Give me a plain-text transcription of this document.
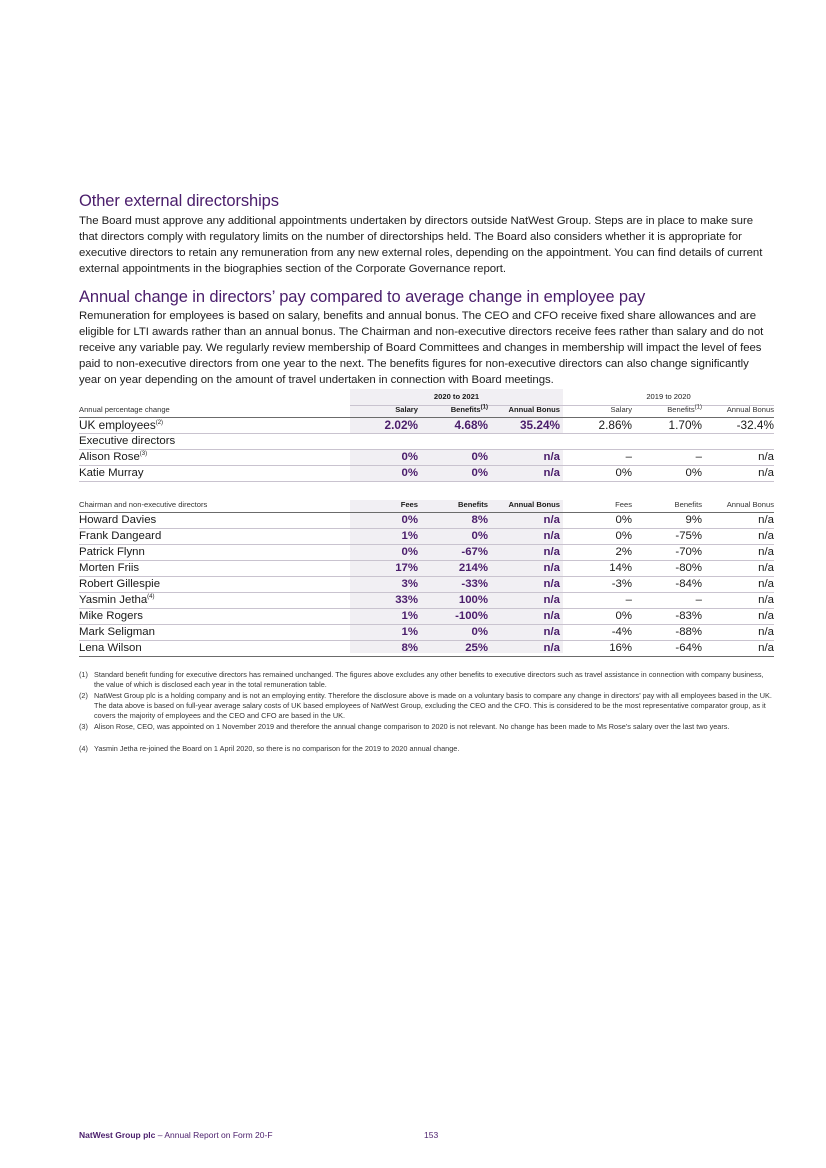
Other external directorships

The Board must approve any additional appointments undertaken by directors outside NatWest Group. Steps are in place to make sure that directors comply with regulatory limits on the number of directorships held. The Board also considers whether it is appropriate for executive directors to retain any remuneration from any new external roles, depending on the appointment. You can find details of current external appointments in the biographies section of the Corporate Governance report.

Annual change in directors’ pay compared to average change in employee pay

Remuneration for employees is based on salary, benefits and annual bonus. The CEO and CFO receive fixed share allowances and are eligible for LTI awards rather than an annual bonus. The Chairman and non-executive directors receive fees rather than salary and do not receive any variable pay. We regularly review membership of Board Committees and changes in membership will impact the level of fees paid to non-executive directors from one year to the next. The benefits figures for non-executive directors can also change significantly year on year depending on the amount of travel undertaken in connection with Board meetings.

2020 to 2021	2019 to 2020
Annual percentage change	Salary	Benefits$^{(1)}$	Annual Bonus	Salary	Benefits$^{(1)}$	Annual Bonus
UK employees$^{(2)}$	2.02%	4.68%	35.24%	2.86%	1.70%	-32.4%
Executive directors
Alison Rose$^{(3)}$	0%	0%	n/a	–	–	n/a
Katie Murray	0%	0%	n/a	0%	0%	n/a
Chairman and non-executive directors	Fees	Benefits	Annual Bonus	Fees	Benefits	Annual Bonus
Howard Davies	0%	8%	n/a	0%	9%	n/a
Frank Dangeard	1%	0%	n/a	0%	-75%	n/a
Patrick Flynn	0%	-67%	n/a	2%	-70%	n/a
Morten Friis	17%	214%	n/a	14%	-80%	n/a
Robert Gillespie	3%	-33%	n/a	-3%	-84%	n/a
Yasmin Jetha$^{(4)}$	33%	100%	n/a	–	–	n/a
Mike Rogers	1%	-100%	n/a	0%	-83%	n/a
Mark Seligman	1%	0%	n/a	-4%	-88%	n/a
Lena Wilson	8%	25%	n/a	16%	-64%	n/a
(1) Standard benefit funding for executive directors has remained unchanged. The figures above excludes any other benefits to executive directors such as travel assistance in connection with company business, the value of which is disclosed each year in the total remuneration table.
(2) NatWest Group plc is a holding company and is not an employing entity. Therefore the disclosure above is made on a voluntary basis to compare any change in directors’ pay with all employees based in the UK. The data above is based on full-year average salary costs of UK based employees of NatWest Group, excluding the CEO and the CFO. This is considered to be the most representative comparator group, as it covers the majority of employees and the CEO and CFO are based in the UK.
(3) Alison Rose, CEO, was appointed on 1 November 2019 and therefore the annual change comparison to 2020 is not relevant. No change has been made to Ms Rose’s salary over the last two years.
(4) Yasmin Jetha re-joined the Board on 1 April 2020, so there is no comparison for the 2019 to 2020 annual change.
NatWest Group plc – Annual Report on Form 20-F	153
